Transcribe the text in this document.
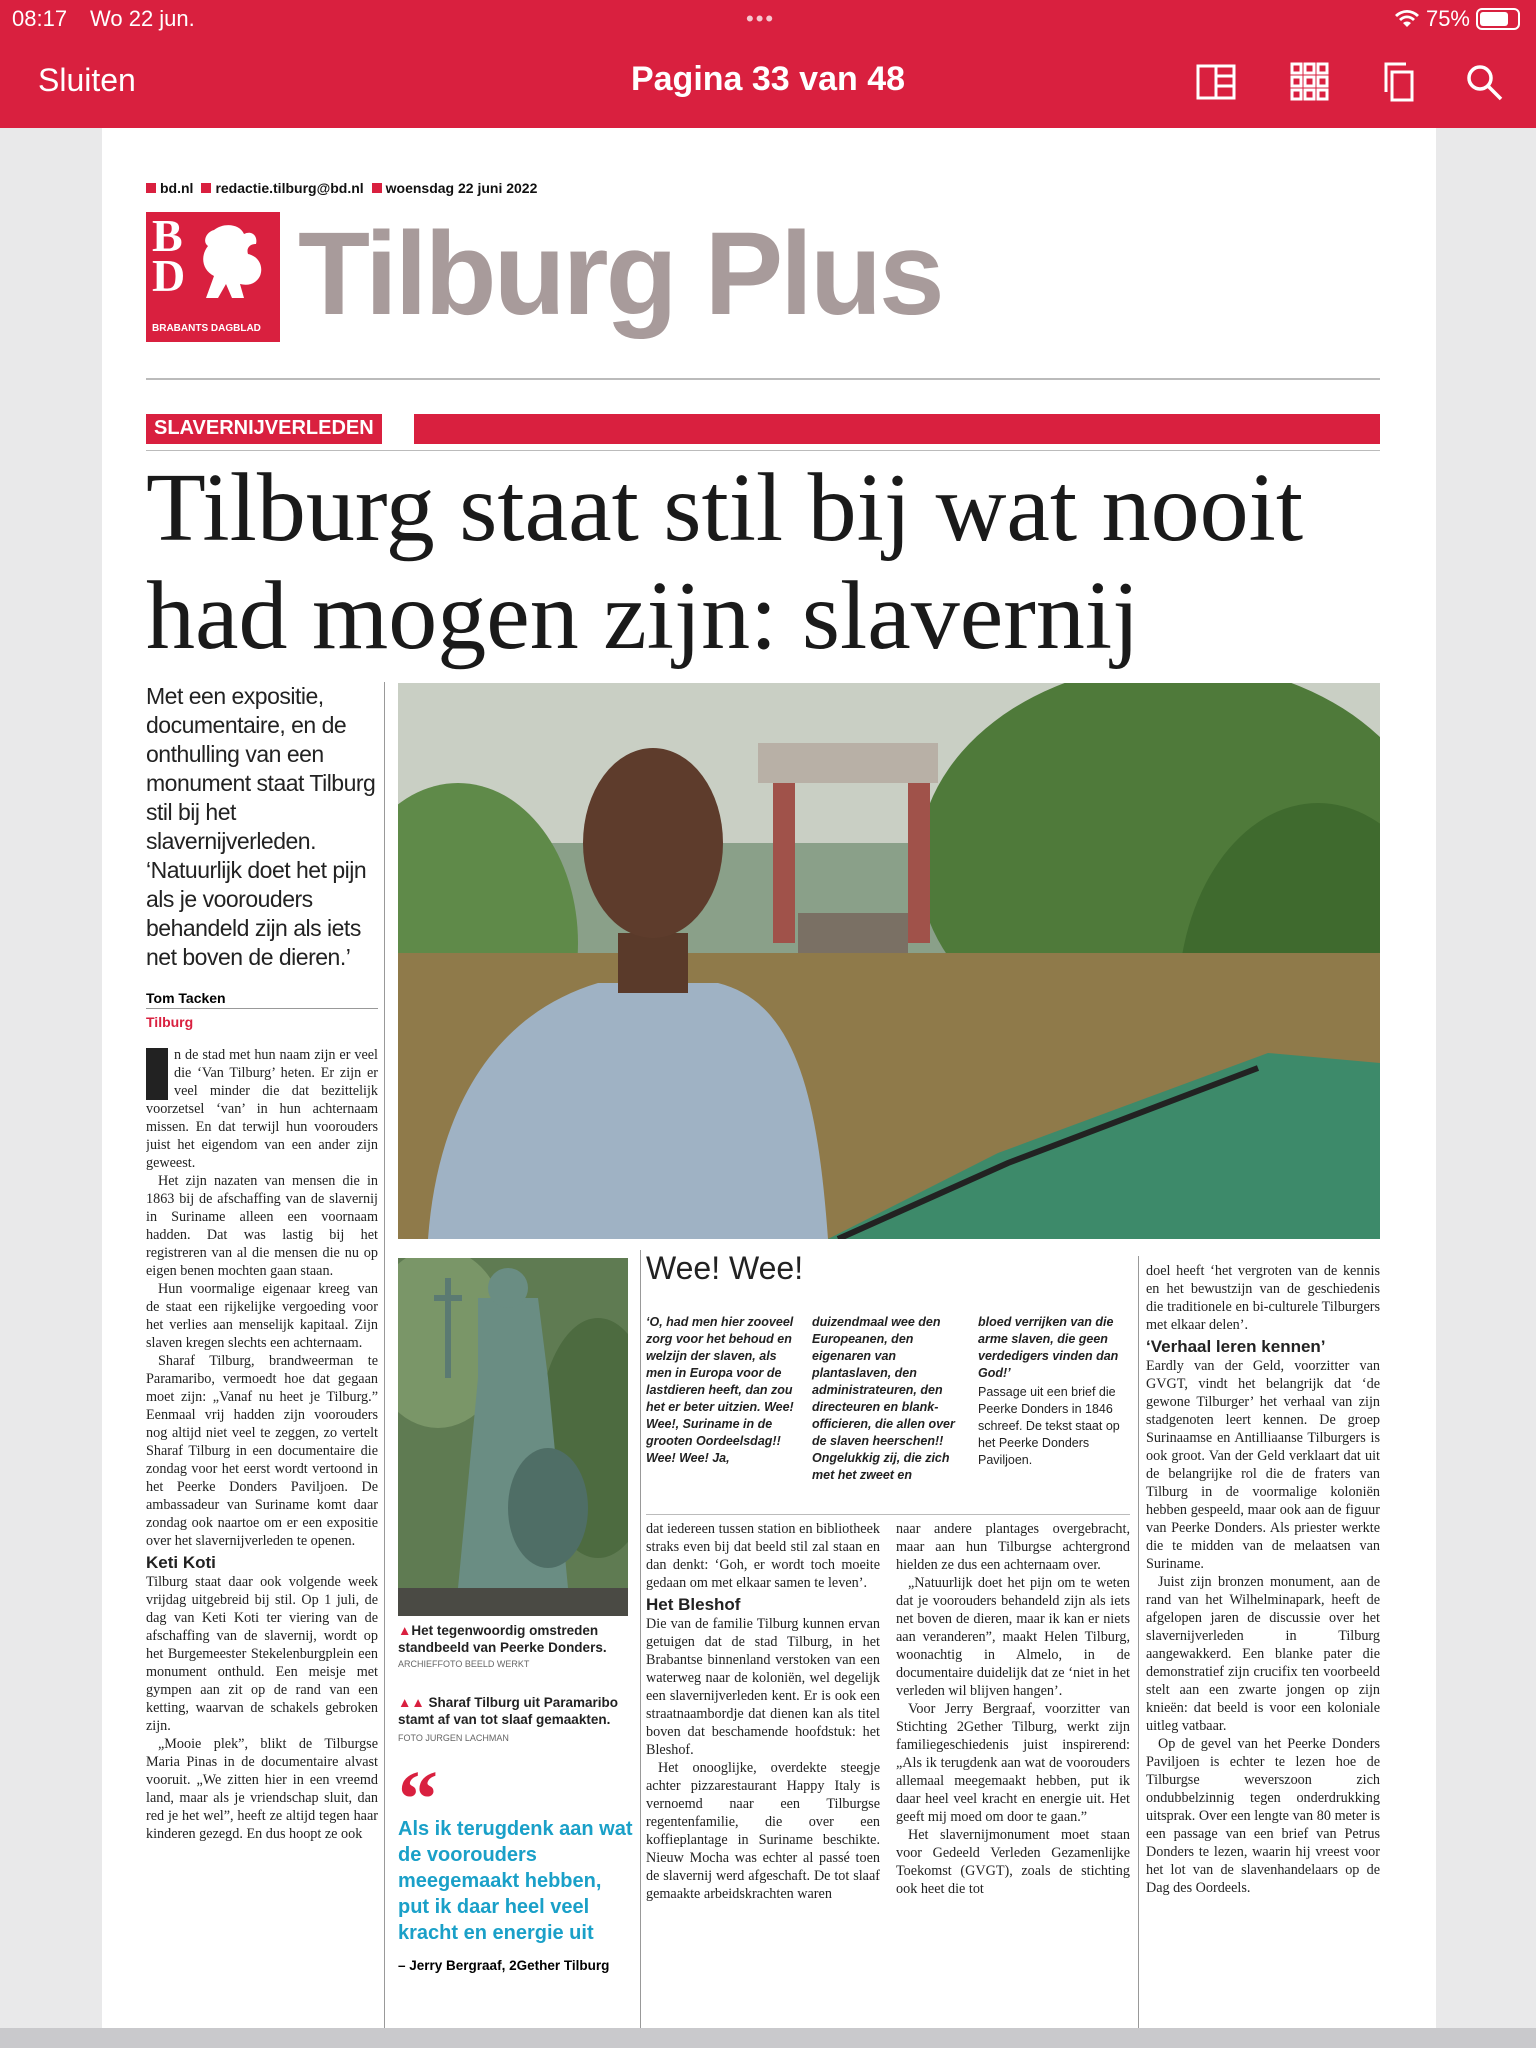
08:17 Wo 22 jun.	•••	75%
Sluiten	Pagina 33 van 48
bd.nl	redactie.tilburg@bd.nl	woensdag 22 juni 2022
B
D
BRABANTS DAGBLAD Tilburg Plus
SLAVERNIJVERLEDEN
Tilburg staat stil bij wat nooit
had mogen zijn: slavernij
Met een expositie, documentaire, en de onthulling van een monument staat Tilburg stil bij het slavernijverleden. ‘Natuurlijk doet het pijn als je voorouders behandeld zijn als iets net boven de dieren.’
Tom Tacken
Tilburg

n de stad met hun naam zijn er veel die ‘Van Tilburg’ heten. Er zijn er veel minder die dat bezittelijk voorzetsel ‘van’ in hun achternaam missen. En dat terwijl hun voorouders juist het eigendom van een ander zijn geweest.

Het zijn nazaten van mensen die in 1863 bij de afschaffing van de slavernij in Suriname alleen een voornaam hadden. Dat was lastig bij het registreren van al die mensen die nu op eigen benen mochten gaan staan.

Hun voormalige eigenaar kreeg van de staat een rijkelijke vergoeding voor het verlies aan menselijk kapitaal. Zijn slaven kregen slechts een achternaam.

Sharaf Tilburg, brandweerman te Paramaribo, vermoedt hoe dat gegaan moet zijn: „Vanaf nu heet je Tilburg.” Eenmaal vrij hadden zijn voorouders nog altijd niet veel te zeggen, zo vertelt Sharaf Tilburg in een documentaire die zondag voor het eerst wordt vertoond in het Peerke Donders Paviljoen. De ambassadeur van Suriname komt daar zondag ook naartoe om er een expositie over het slavernijverleden te openen.

Keti Koti

Tilburg staat daar ook volgende week vrijdag uitgebreid bij stil. Op 1 juli, de dag van Keti Koti ter viering van de afschaffing van de slavernij, wordt op het Burgemeester Stekelenburgplein een monument onthuld. Een meisje met gympen aan zit op de rand van een ketting, waarvan de schakels gebroken zijn.

„Mooie plek”, blikt de Tilburgse Maria Pinas in de documentaire alvast vooruit. „We zitten hier in een vreemd land, maar als je vriendschap sluit, dan red je het wel”, heeft ze altijd tegen haar kinderen gezegd. En dus hoopt ze ook

▲Het tegenwoordig omstreden standbeeld van Peerke Donders.
ARCHIEFFOTO BEELD WERKT
▲▲ Sharaf Tilburg uit Paramaribo stamt af van tot slaaf gemaakten. FOTO JURGEN LACHMAN
“
Als ik terugdenk aan wat de voorouders meegemaakt hebben, put ik daar heel veel kracht en energie uit
– Jerry Bergraaf, 2Gether Tilburg
Wee! Wee!
‘O, had men hier zooveel zorg voor het behoud en welzijn der slaven, als men in Europa voor de lastdieren heeft, dan zou het er beter uitzien. Wee! Wee!, Suriname in de grooten Oordeelsdag!! Wee! Wee! Ja,
duizendmaal wee den Europeanen, den eigenaren van plantaslaven, den administrateuren, den directeuren en blank-officieren, die allen over de slaven heerschen!! Ongelukkig zij, die zich met het zweet en
bloed verrijken van die arme slaven, die geen verdedigers vinden dan God!’
Passage uit een brief die Peerke Donders in 1846 schreef. De tekst staat op het Peerke Donders Paviljoen.

dat iedereen tussen station en bibliotheek straks even bij dat beeld stil zal staan en dan denkt: ‘Goh, er wordt toch moeite gedaan om met elkaar samen te leven’.

Het Bleshof

Die van de familie Tilburg kunnen ervan getuigen dat de stad Tilburg, in het Brabantse binnenland verstoken van een waterweg naar de koloniën, wel degelijk een slavernijverleden kent. Er is ook een straatnaambordje dat dienen kan als titel boven dat beschamende hoofdstuk: het Bleshof.

Het onooglijke, overdekte steegje achter pizzarestaurant Happy Italy is vernoemd naar een Tilburgse regentenfamilie, die over een koffieplantage in Suriname beschikte. Nieuw Mocha was echter al passé toen de slavernij werd afgeschaft. De tot slaaf gemaakte arbeidskrachten waren

naar andere plantages overgebracht, maar aan hun Tilburgse achtergrond hielden ze dus een achternaam over.

„Natuurlijk doet het pijn om te weten dat je voorouders behandeld zijn als iets net boven de dieren, maar ik kan er niets aan veranderen”, maakt Helen Tilburg, woonachtig in Almelo, in de documentaire duidelijk dat ze ‘niet in het verleden wil blijven hangen’.

Voor Jerry Bergraaf, voorzitter van Stichting 2Gether Tilburg, werkt zijn familiegeschiedenis juist inspirerend: „Als ik terugdenk aan wat de voorouders allemaal meegemaakt hebben, put ik daar heel veel kracht en energie uit. Het geeft mij moed om door te gaan.”

Het slavernijmonument moet staan voor Gedeeld Verleden Gezamenlijke Toekomst (GVGT), zoals de stichting ook heet die tot

doel heeft ‘het vergroten van de kennis en het bewustzijn van de geschiedenis die traditionele en bi-culturele Tilburgers met elkaar delen’.

‘Verhaal leren kennen’

Eardly van der Geld, voorzitter van GVGT, vindt het belangrijk dat ‘de gewone Tilburger’ het verhaal van zijn stadgenoten leert kennen. De groep Surinaamse en Antilliaanse Tilburgers is ook groot. Van der Geld verklaart dat uit de belangrijke rol die de fraters van Tilburg in de voormalige koloniën hebben gespeeld, maar ook aan de figuur van Peerke Donders. Als priester werkte die te midden van de melaatsen van Suriname.

Juist zijn bronzen monument, aan de rand van het Wilhelminapark, heeft de afgelopen jaren de discussie over het slavernijverleden in Tilburg aangewakkerd. Een blanke pater die demonstratief zijn crucifix ten voorbeeld stelt aan een zwarte jongen op zijn knieën: dat beeld is voor een koloniale uitleg vatbaar.

Op de gevel van het Peerke Donders Paviljoen is echter te lezen hoe de Tilburgse weverszoon zich ondubbelzinnig tegen onderdrukking uitsprak. Over een lengte van 80 meter is een passage van een brief van Petrus Donders te lezen, waarin hij vreest voor het lot van de slavenhandelaars op de Dag des Oordeels.
